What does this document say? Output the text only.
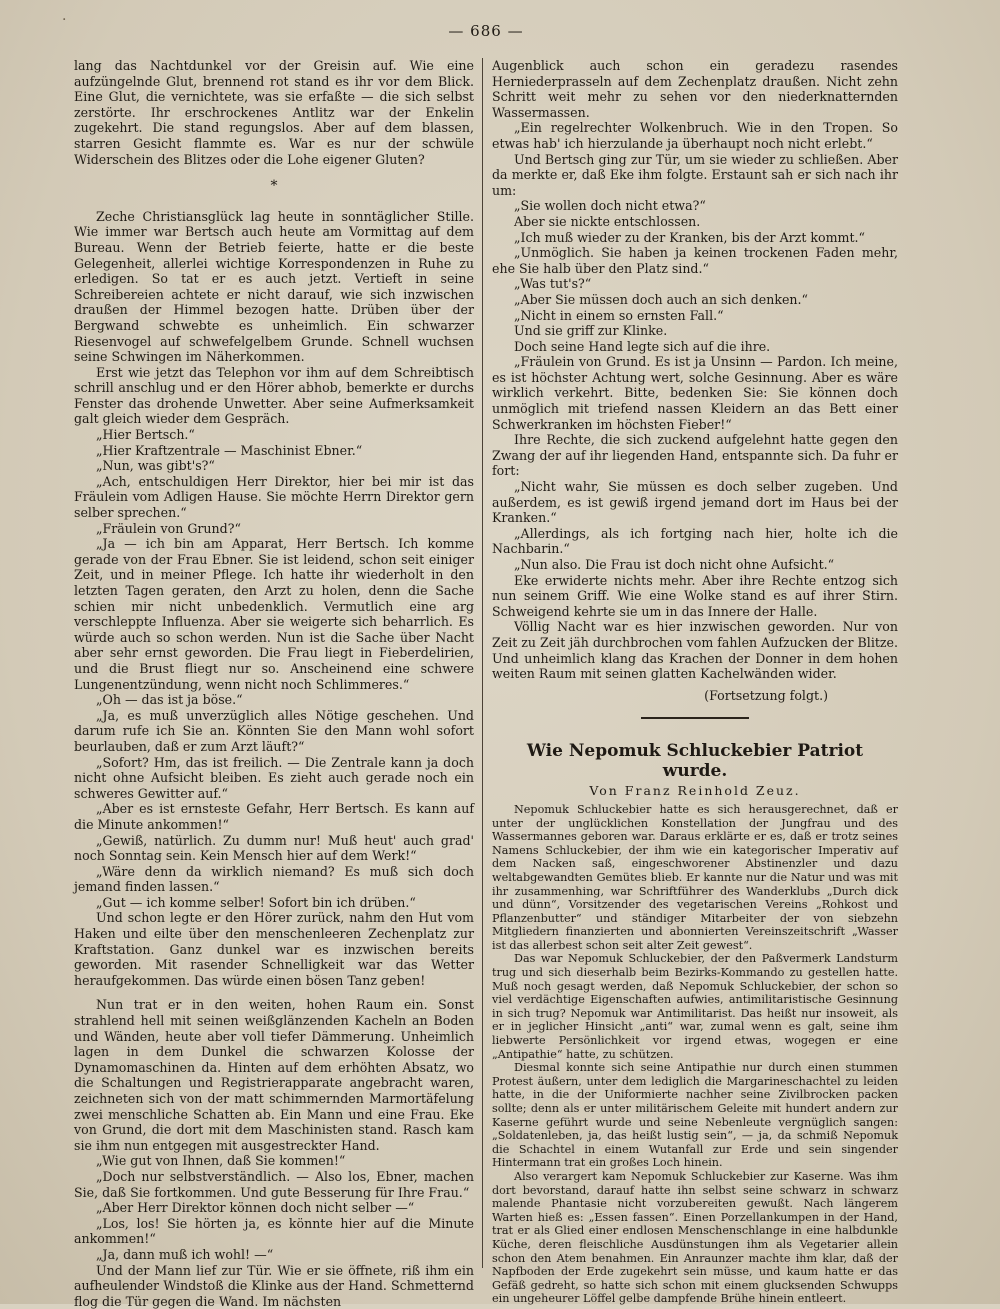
·
— 686 —

lang das Nachtdunkel vor der Greisin auf. Wie eine aufzüngelnde Glut, brennend rot stand es ihr vor dem Blick. Eine Glut, die vernichtete, was sie erfaßte — die sich selbst zerstörte. Ihr erschrockenes Antlitz war der Enkelin zugekehrt. Die stand regungslos. Aber auf dem blassen, starren Gesicht flammte es. War es nur der schwüle Widerschein des Blitzes oder die Lohe eigener Gluten?

*

Zeche Christiansglück lag heute in sonntäglicher Stille. Wie immer war Bertsch auch heute am Vormittag auf dem Bureau. Wenn der Betrieb feierte, hatte er die beste Gelegenheit, allerlei wichtige Korrespondenzen in Ruhe zu erledigen. So tat er es auch jetzt. Vertieft in seine Schreibereien achtete er nicht darauf, wie sich inzwischen draußen der Himmel bezogen hatte. Drüben über der Bergwand schwebte es unheimlich. Ein schwarzer Riesenvogel auf schwefelgelbem Grunde. Schnell wuchsen seine Schwingen im Näherkommen.

Erst wie jetzt das Telephon vor ihm auf dem Schreibtisch schrill anschlug und er den Hörer abhob, bemerkte er durchs Fenster das drohende Unwetter. Aber seine Aufmerksamkeit galt gleich wieder dem Gespräch.

„Hier Bertsch.“

„Hier Kraftzentrale — Maschinist Ebner.“

„Nun, was gibt's?“

„Ach, entschuldigen Herr Direktor, hier bei mir ist das Fräulein vom Adligen Hause. Sie möchte Herrn Direktor gern selber sprechen.“

„Fräulein von Grund?“

„Ja — ich bin am Apparat, Herr Bertsch. Ich komme gerade von der Frau Ebner. Sie ist leidend, schon seit einiger Zeit, und in meiner Pflege. Ich hatte ihr wiederholt in den letzten Tagen geraten, den Arzt zu holen, denn die Sache schien mir nicht unbedenklich. Vermutlich eine arg verschleppte Influenza. Aber sie weigerte sich beharrlich. Es würde auch so schon werden. Nun ist die Sache über Nacht aber sehr ernst geworden. Die Frau liegt in Fieberdelirien, und die Brust fliegt nur so. Anscheinend eine schwere Lungenentzündung, wenn nicht noch Schlimmeres.“

„Oh — das ist ja böse.“

„Ja, es muß unverzüglich alles Nötige geschehen. Und darum rufe ich Sie an. Könnten Sie den Mann wohl sofort beurlauben, daß er zum Arzt läuft?“

„Sofort? Hm, das ist freilich. — Die Zentrale kann ja doch nicht ohne Aufsicht bleiben. Es zieht auch gerade noch ein schweres Gewitter auf.“

„Aber es ist ernsteste Gefahr, Herr Bertsch. Es kann auf die Minute ankommen!“

„Gewiß, natürlich. Zu dumm nur! Muß heut' auch grad' noch Sonntag sein. Kein Mensch hier auf dem Werk!“

„Wäre denn da wirklich niemand? Es muß sich doch jemand finden lassen.“

„Gut — ich komme selber! Sofort bin ich drüben.“

Und schon legte er den Hörer zurück, nahm den Hut vom Haken und eilte über den menschenleeren Zechenplatz zur Kraftstation. Ganz dunkel war es inzwischen bereits geworden. Mit rasender Schnelligkeit war das Wetter heraufgekommen. Das würde einen bösen Tanz geben!

Nun trat er in den weiten, hohen Raum ein. Sonst strahlend hell mit seinen weißglänzenden Kacheln an Boden und Wänden, heute aber voll tiefer Dämmerung. Unheimlich lagen in dem Dunkel die schwarzen Kolosse der Dynamomaschinen da. Hinten auf dem erhöhten Absatz, wo die Schaltungen und Registrierapparate angebracht waren, zeichneten sich von der matt schimmernden Marmortäfelung zwei menschliche Schatten ab. Ein Mann und eine Frau. Eke von Grund, die dort mit dem Maschinisten stand. Rasch kam sie ihm nun entgegen mit ausgestreckter Hand.

„Wie gut von Ihnen, daß Sie kommen!“

„Doch nur selbstverständlich. — Also los, Ebner, machen Sie, daß Sie fortkommen. Und gute Besserung für Ihre Frau.“

„Aber Herr Direktor können doch nicht selber —“

„Los, los! Sie hörten ja, es könnte hier auf die Minute ankommen!“

„Ja, dann muß ich wohl! —“

Und der Mann lief zur Tür. Wie er sie öffnete, riß ihm ein aufheulender Windstoß die Klinke aus der Hand. Schmetternd flog die Tür gegen die Wand. Im nächsten

Augenblick auch schon ein geradezu rasendes Herniederprasseln auf dem Zechenplatz draußen. Nicht zehn Schritt weit mehr zu sehen vor den niederknatternden Wassermassen.

„Ein regelrechter Wolkenbruch. Wie in den Tropen. So etwas hab' ich hierzulande ja überhaupt noch nicht erlebt.“

Und Bertsch ging zur Tür, um sie wieder zu schließen. Aber da merkte er, daß Eke ihm folgte. Erstaunt sah er sich nach ihr um:

„Sie wollen doch nicht etwa?“

Aber sie nickte entschlossen.

„Ich muß wieder zu der Kranken, bis der Arzt kommt.“

„Unmöglich. Sie haben ja keinen trockenen Faden mehr, ehe Sie halb über den Platz sind.“

„Was tut's?“

„Aber Sie müssen doch auch an sich denken.“

„Nicht in einem so ernsten Fall.“

Und sie griff zur Klinke.

Doch seine Hand legte sich auf die ihre.

„Fräulein von Grund. Es ist ja Unsinn — Pardon. Ich meine, es ist höchster Achtung wert, solche Gesinnung. Aber es wäre wirklich verkehrt. Bitte, bedenken Sie: Sie können doch unmöglich mit triefend nassen Kleidern an das Bett einer Schwerkranken im höchsten Fieber!“

Ihre Rechte, die sich zuckend aufgelehnt hatte gegen den Zwang der auf ihr liegenden Hand, entspannte sich. Da fuhr er fort:

„Nicht wahr, Sie müssen es doch selber zugeben. Und außerdem, es ist gewiß irgend jemand dort im Haus bei der Kranken.“

„Allerdings, als ich fortging nach hier, holte ich die Nachbarin.“

„Nun also. Die Frau ist doch nicht ohne Aufsicht.“

Eke erwiderte nichts mehr. Aber ihre Rechte entzog sich nun seinem Griff. Wie eine Wolke stand es auf ihrer Stirn. Schweigend kehrte sie um in das Innere der Halle.

Völlig Nacht war es hier inzwischen geworden. Nur von Zeit zu Zeit jäh durchbrochen vom fahlen Aufzucken der Blitze. Und unheimlich klang das Krachen der Donner in dem hohen weiten Raum mit seinen glatten Kachelwänden wider.

(Fortsetzung folgt.)
Wie Nepomuk Schluckebier Patriot wurde.
Von Franz Reinhold Zeuz.

Nepomuk Schluckebier hatte es sich herausgerechnet, daß er unter der unglücklichen Konstellation der Jungfrau und des Wassermannes geboren war. Daraus erklärte er es, daß er trotz seines Namens Schluckebier, der ihm wie ein kategorischer Imperativ auf dem Nacken saß, eingeschworener Abstinenzler und dazu weltabgewandten Gemütes blieb. Er kannte nur die Natur und was mit ihr zusammenhing, war Schriftführer des Wanderklubs „Durch dick und dünn“, Vorsitzender des vegetarischen Vereins „Rohkost und Pflanzenbutter“ und ständiger Mitarbeiter der von siebzehn Mitgliedern finanzierten und abonnierten Vereinszeitschrift „Wasser ist das allerbest schon seit alter Zeit gewest“.

Das war Nepomuk Schluckebier, der den Paßvermerk Landsturm trug und sich dieserhalb beim Bezirks-Kommando zu gestellen hatte. Muß noch gesagt werden, daß Nepomuk Schluckebier, der schon so viel verdächtige Eigenschaften aufwies, antimilitaristische Gesinnung in sich trug? Nepomuk war Antimilitarist. Das heißt nur insoweit, als er in jeglicher Hinsicht „anti“ war, zumal wenn es galt, seine ihm liebwerte Persönlichkeit vor irgend etwas, wogegen er eine „Antipathie“ hatte, zu schützen.

Diesmal konnte sich seine Antipathie nur durch einen stummen Protest äußern, unter dem lediglich die Margarineschachtel zu leiden hatte, in die der Uniformierte nachher seine Zivilbrocken packen sollte; denn als er unter militärischem Geleite mit hundert andern zur Kaserne geführt wurde und seine Nebenleute vergnüglich sangen: „Soldatenleben, ja, das heißt lustig sein“, — ja, da schmiß Nepomuk die Schachtel in einem Wutanfall zur Erde und sein singender Hintermann trat ein großes Loch hinein.

Also verargert kam Nepomuk Schluckebier zur Kaserne. Was ihm dort bevorstand, darauf hatte ihn selbst seine schwarz in schwarz malende Phantasie nicht vorzubereiten gewußt. Nach längerem Warten hieß es: „Essen fassen“. Einen Porzellankumpen in der Hand, trat er als Glied einer endlosen Menschenschlange in eine halbdunkle Küche, deren fleischliche Ausdünstungen ihm als Vegetarier allein schon den Atem benahmen. Ein Anraunzer machte ihm klar, daß der Napfboden der Erde zugekehrt sein müsse, und kaum hatte er das Gefäß gedreht, so hatte sich schon mit einem glucksenden Schwupps ein ungeheurer Löffel gelbe dampfende Brühe hinein entleert.
